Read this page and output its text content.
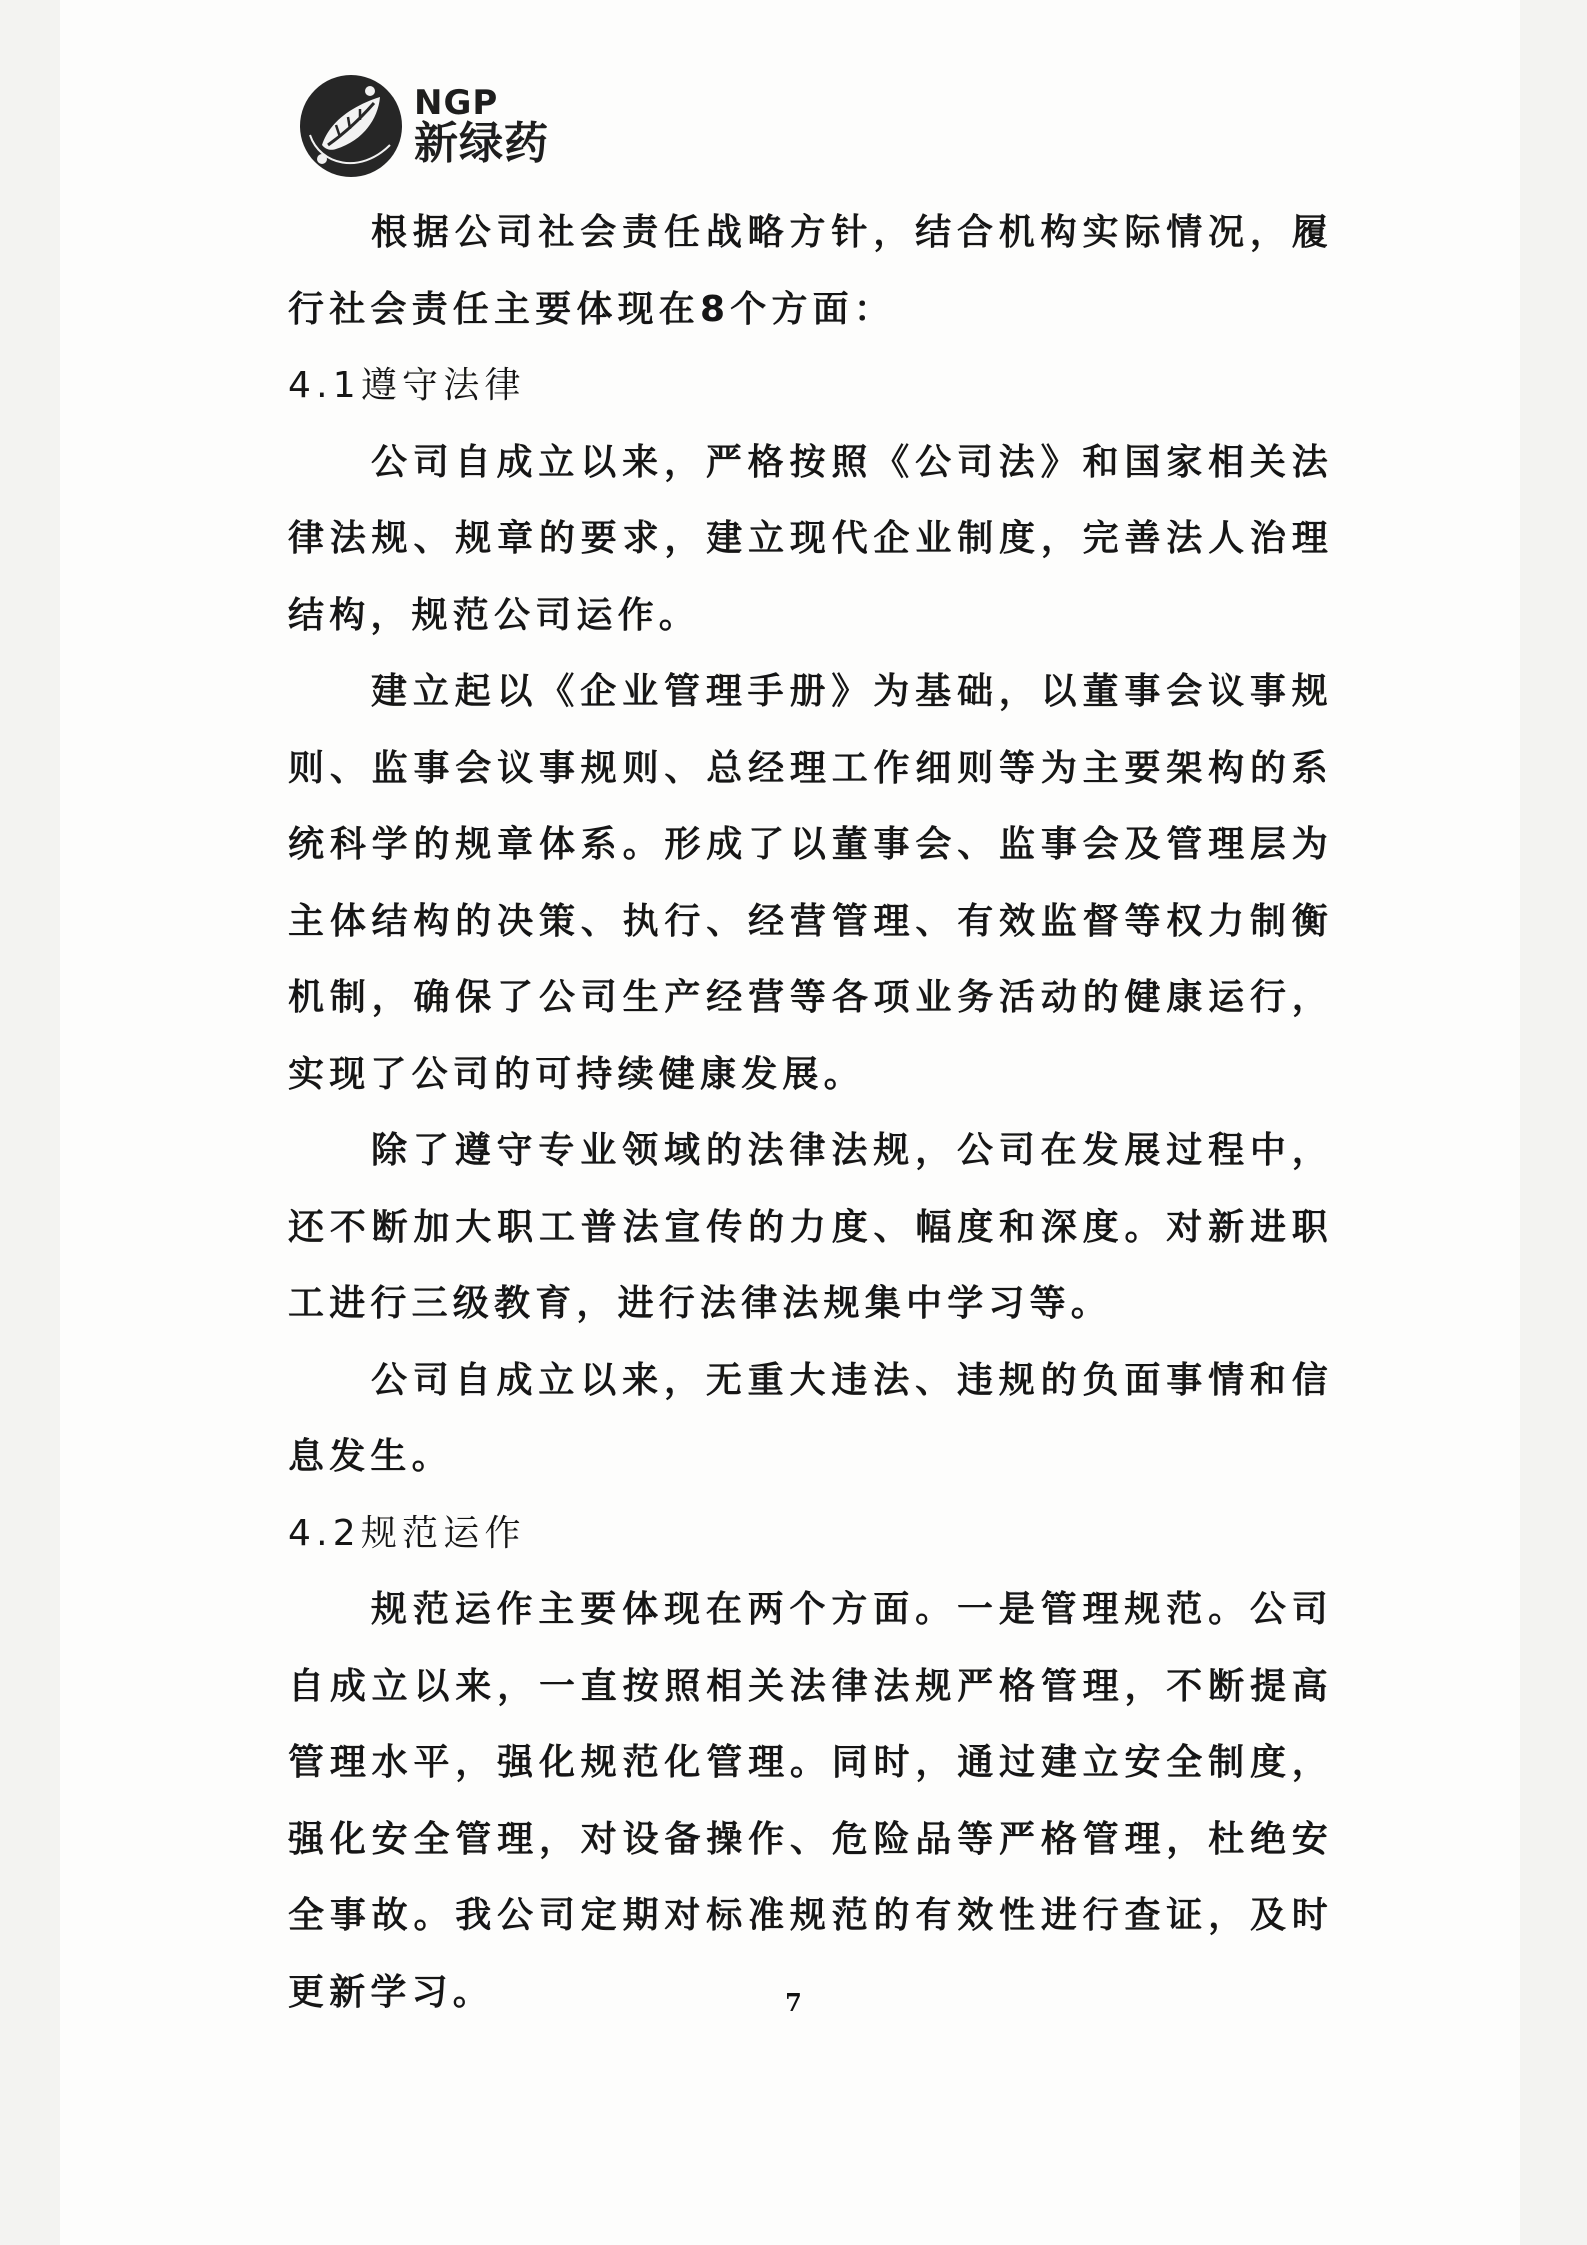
NGP
新绿药

根据公司社会责任战略方针，结合机构实际情况，履行社会责任主要体现在8个方面：

4.1遵守法律

公司自成立以来，严格按照《公司法》和国家相关法律法规、规章的要求，建立现代企业制度，完善法人治理结构，规范公司运作。

建立起以《企业管理手册》为基础，以董事会议事规则、监事会议事规则、总经理工作细则等为主要架构的系统科学的规章体系。形成了以董事会、监事会及管理层为主体结构的决策、执行、经营管理、有效监督等权力制衡机制，确保了公司生产经营等各项业务活动的健康运行，实现了公司的可持续健康发展。

除了遵守专业领域的法律法规，公司在发展过程中，还不断加大职工普法宣传的力度、幅度和深度。对新进职工进行三级教育，进行法律法规集中学习等。

公司自成立以来，无重大违法、违规的负面事情和信息发生。

4.2规范运作

规范运作主要体现在两个方面。一是管理规范。公司自成立以来，一直按照相关法律法规严格管理，不断提高管理水平，强化规范化管理。同时，通过建立安全制度，强化安全管理，对设备操作、危险品等严格管理，杜绝安全事故。我公司定期对标准规范的有效性进行查证，及时更新学习。	7
